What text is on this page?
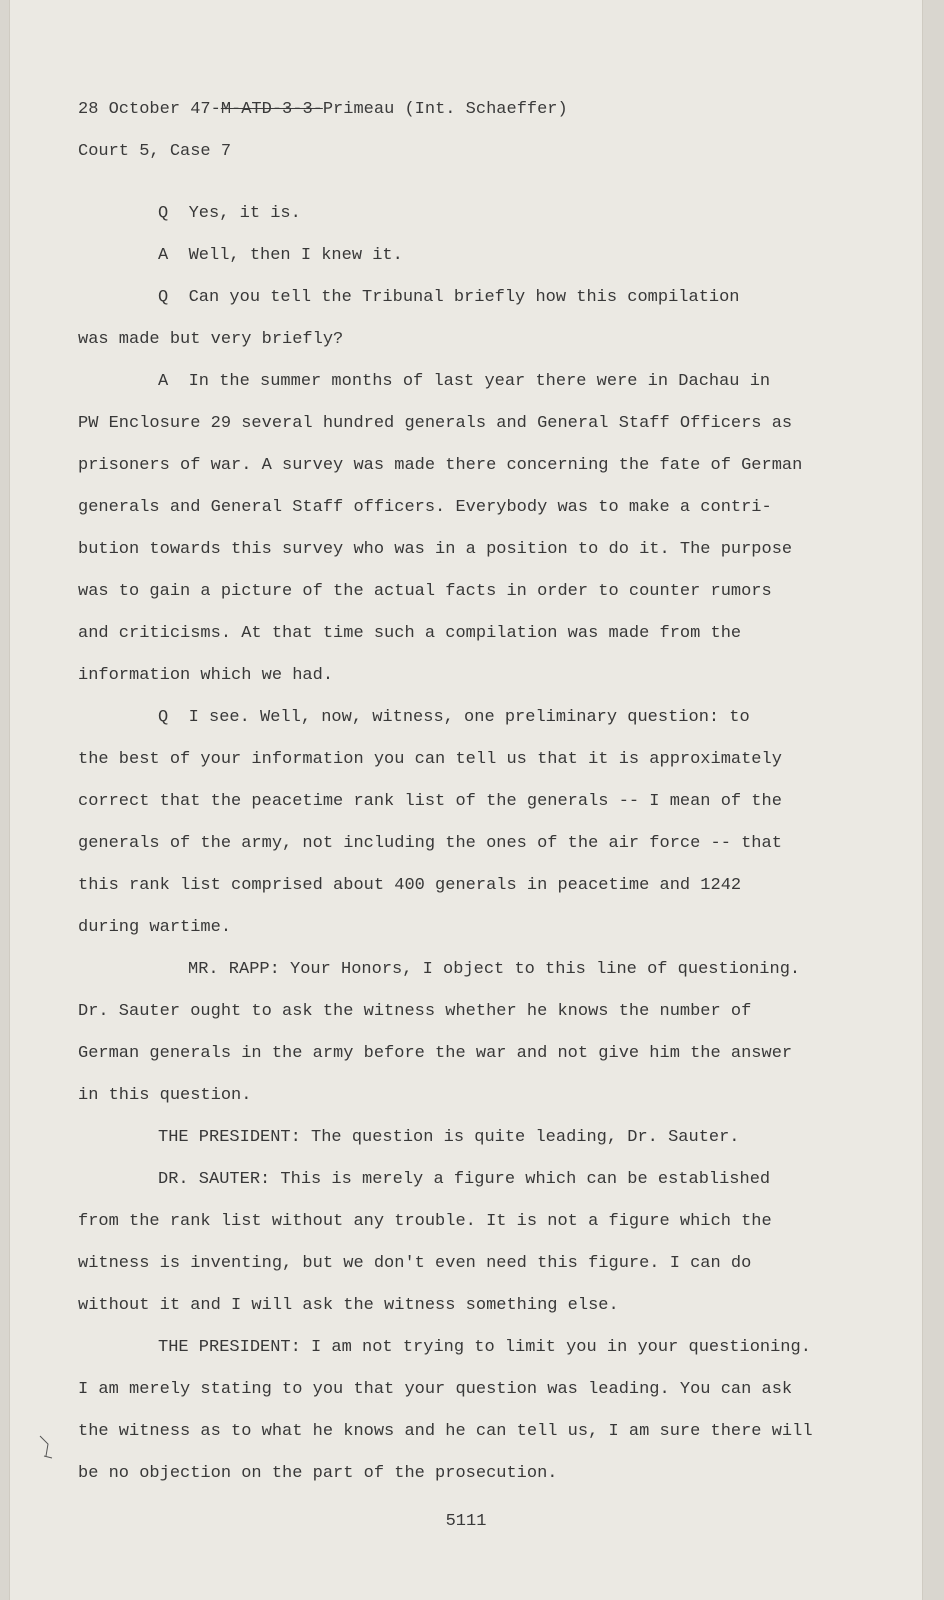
28 October 47-M-ATD-3-3-Primeau (Int. Schaeffer)
Court 5, Case 7
Q  Yes, it is.
A  Well, then I knew it.
Q  Can you tell the Tribunal briefly how this compilation
was made but very briefly?
A  In the summer months of last year there were in Dachau in
PW Enclosure 29 several hundred generals and General Staff Officers as
prisoners of war. A survey was made there concerning the fate of German
generals and General Staff officers. Everybody was to make a contri-
bution towards this survey who was in a position to do it. The purpose
was to gain a picture of the actual facts in order to counter rumors
and criticisms. At that time such a compilation was made from the
information which we had.
Q  I see. Well, now, witness, one preliminary question: to
the best of your information you can tell us that it is approximately
correct that the peacetime rank list of the generals -- I mean of the
generals of the army, not including the ones of the air force -- that
this rank list comprised about 400 generals in peacetime and 1242
during wartime.
MR. RAPP: Your Honors, I object to this line of questioning.
Dr. Sauter ought to ask the witness whether he knows the number of
German generals in the army before the war and not give him the answer
in this question.
THE PRESIDENT: The question is quite leading, Dr. Sauter.
DR. SAUTER: This is merely a figure which can be established
from the rank list without any trouble. It is not a figure which the
witness is inventing, but we don't even need this figure. I can do
without it and I will ask the witness something else.
THE PRESIDENT: I am not trying to limit you in your questioning.
I am merely stating to you that your question was leading. You can ask
the witness as to what he knows and he can tell us, I am sure there will
be no objection on the part of the prosecution.
5111
